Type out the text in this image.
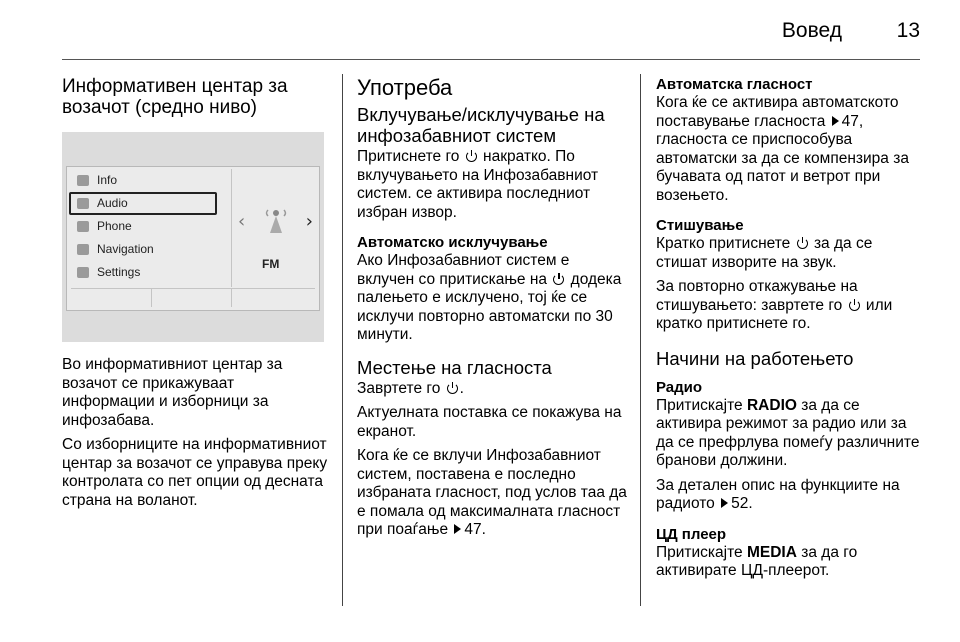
Вовед	13
Информативен центар за возачот (средно ниво)
Info
Audio
Phone
Navigation
Settings
‹	›
FM

Во информативниот центар за возачот се прикажуваат информации и изборници за инфозабава.

Со изборниците на информативниот центар за возачот се управува преку контролата со пет опции од десната страна на воланот.

Употреба
Вклучување/исклучување на инфозабавниот систем

Притиснете го накратко. По вклучувањето на Инфозабавниот систем. се активира последниот избран извор.

Автоматско исклучување

Ако Инфозабавниот систем е вклучен со притискање на додека палењето е исклучено, тој ќе се исклучи повторно автоматски по 30 минути.

Местење на гласноста

Завртете го .

Актуелната поставка се покажува на екранот.

Кога ќе се вклучи Инфозабавниот систем, поставена е последно избраната гласност, под услов таа да е помала од максималната гласност при поаѓање 47.

Автоматска гласност

Кога ќе се активира автоматското поставување гласноста 47, гласноста се приспособува автоматски за да се компензира за бучавата од патот и ветрот при возењето.

Стишување

Кратко притиснете за да се стишат изворите на звук.

За повторно откажување на стишувањето: завртете го или кратко притиснете го.

Начини на работењето
Радио

Притискајте RADIO за да се активира режимот за радио или за да се префрлува помеѓу различните бранови должини.

За детален опис на функциите на радиото 52.

ЦД плеер

Притискајте MEDIA за да го активирате ЦД-плеерот.
